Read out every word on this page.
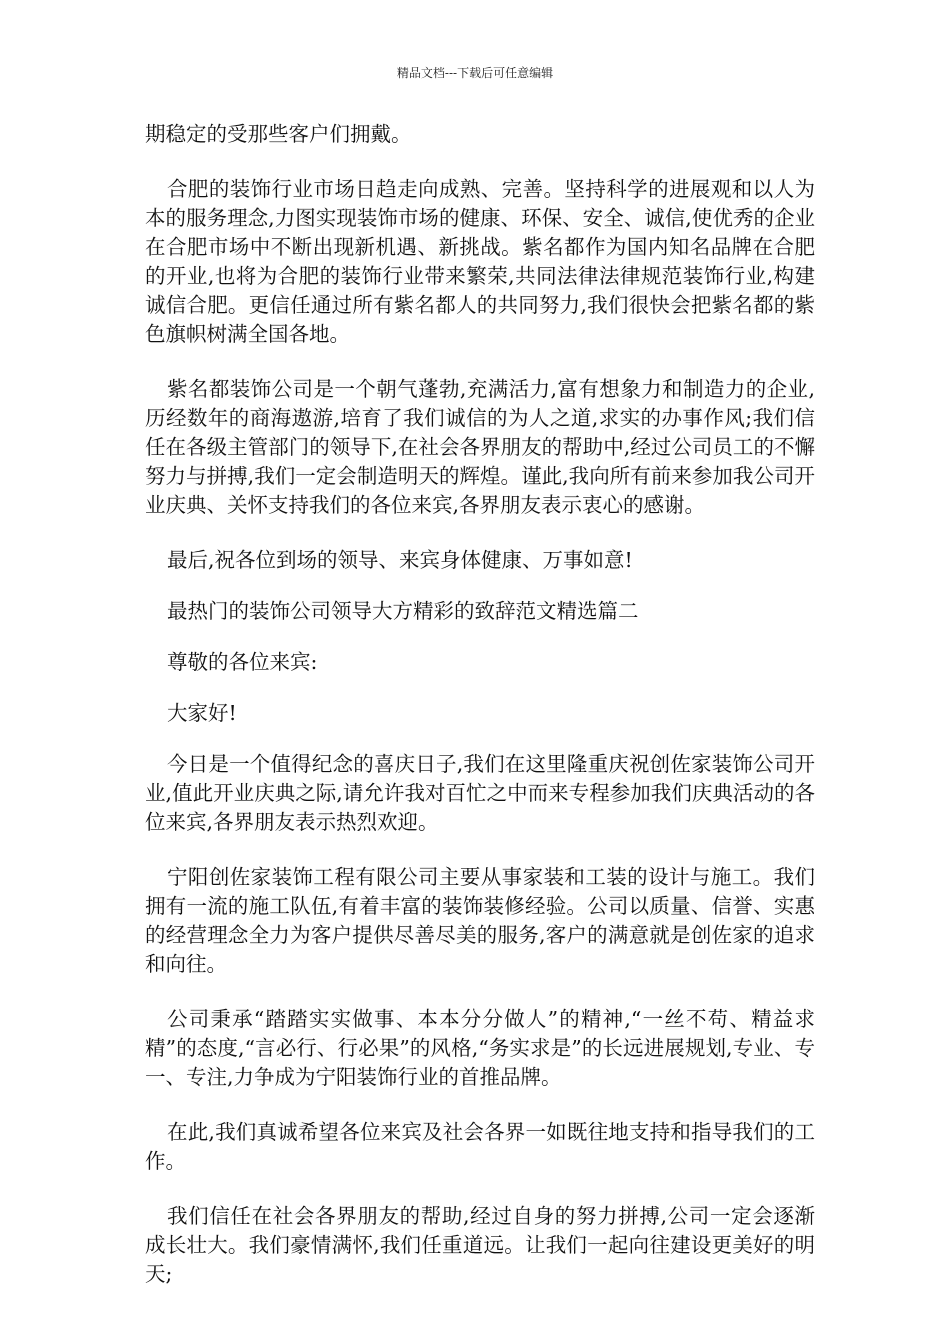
精品文档---下载后可任意编辑

期稳定的受那些客户们拥戴。

合肥的装饰行业市场日趋走向成熟、完善。坚持科学的进展观和以人为本的服务理念,力图实现装饰市场的健康、环保、安全、诚信,使优秀的企业在合肥市场中不断出现新机遇、新挑战。紫名都作为国内知名品牌在合肥的开业,也将为合肥的装饰行业带来繁荣,共同法律法律规范装饰行业,构建诚信合肥。更信任通过所有紫名都人的共同努力,我们很快会把紫名都的紫色旗帜树满全国各地。

紫名都装饰公司是一个朝气蓬勃,充满活力,富有想象力和制造力的企业,历经数年的商海遨游,培育了我们诚信的为人之道,求实的办事作风;我们信任在各级主管部门的领导下,在社会各界朋友的帮助中,经过公司员工的不懈努力与拼搏,我们一定会制造明天的辉煌。谨此,我向所有前来参加我公司开业庆典、关怀支持我们的各位来宾,各界朋友表示衷心的感谢。

最后,祝各位到场的领导、来宾身体健康、万事如意!

最热门的装饰公司领导大方精彩的致辞范文精选篇二

尊敬的各位来宾:

大家好!

今日是一个值得纪念的喜庆日子,我们在这里隆重庆祝创佐家装饰公司开业,值此开业庆典之际,请允许我对百忙之中而来专程参加我们庆典活动的各位来宾,各界朋友表示热烈欢迎。

宁阳创佐家装饰工程有限公司主要从事家装和工装的设计与施工。我们拥有一流的施工队伍,有着丰富的装饰装修经验。公司以质量、信誉、实惠的经营理念全力为客户提供尽善尽美的服务,客户的满意就是创佐家的追求和向往。

公司秉承“踏踏实实做事、本本分分做人”的精神,“一丝不苟、精益求精”的态度,“言必行、行必果”的风格,“务实求是”的长远进展规划,专业、专一、专注,力争成为宁阳装饰行业的首推品牌。

在此,我们真诚希望各位来宾及社会各界一如既往地支持和指导我们的工作。

我们信任在社会各界朋友的帮助,经过自身的努力拼搏,公司一定会逐渐成长壮大。我们豪情满怀,我们任重道远。让我们一起向往建设更美好的明天;
